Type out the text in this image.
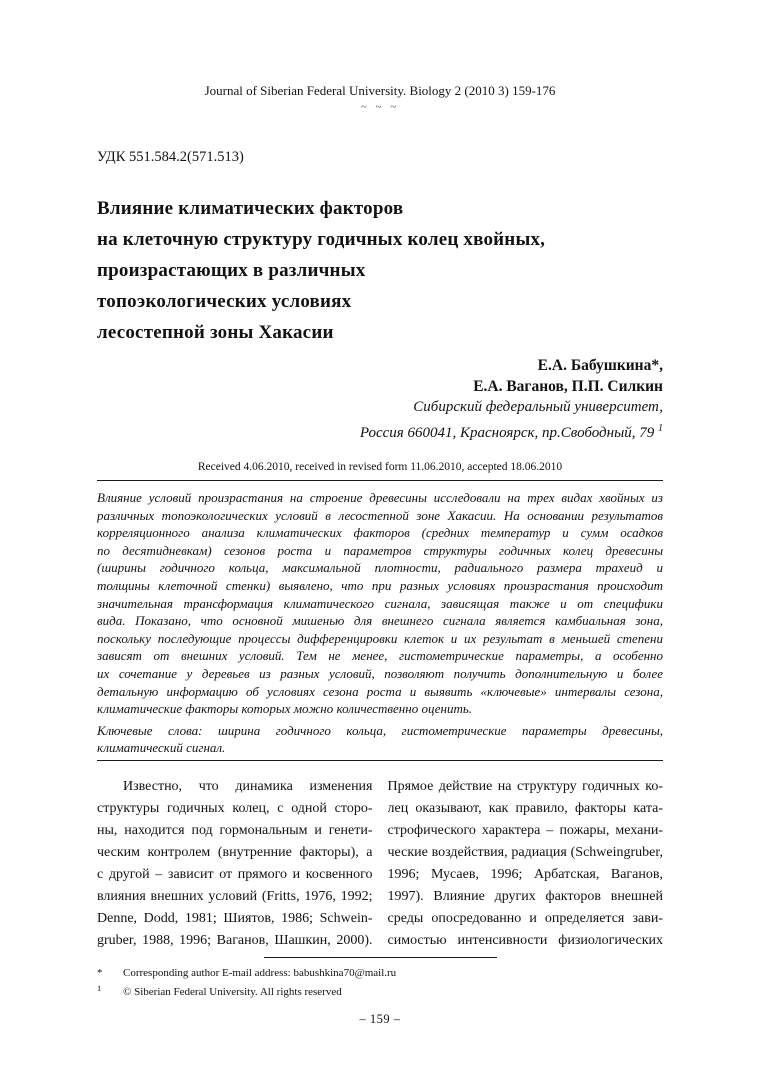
Journal of Siberian Federal University. Biology 2 (2010 3) 159-176
~ ~ ~
УДК 551.584.2(571.513)
Влияние климатических факторов
на клеточную структуру годичных колец хвойных,
произрастающих в различных
топоэкологических условиях
лесостепной зоны Хакасии
Е.А. Бабушкина*,
Е.А. Ваганов, П.П. Силкин
Сибирский федеральный университет,
Россия 660041, Красноярск, пр.Свободный, 79 $^1$
Received 4.06.2010, received in revised form 11.06.2010, accepted 18.06.2010
Влияние условий произрастания на строение древесины исследовали на трех видах хвойных из
различных топоэкологических условий в лесостепной зоне Хакасии. На основании результатов
корреляционного анализа климатических факторов (средних температур и сумм осадков
по десятидневкам) сезонов роста и параметров структуры годичных колец древесины
(ширины годичного кольца, максимальной плотности, радиального размера трахеид и
толщины клеточной стенки) выявлено, что при разных условиях произрастания происходит
значительная трансформация климатического сигнала, зависящая также и от специфики
вида. Показано, что основной мишенью для внешнего сигнала является камбиальная зона,
поскольку последующие процессы дифференцировки клеток и их результат в меньшей степени
зависят от внешних условий. Тем не менее, гистометрические параметры, а особенно
их сочетание у деревьев из разных условий, позволяют получить дополнительную и более
детальную информацию об условиях сезона роста и выявить «ключевые» интервалы сезона,
климатические факторы которых можно количественно оценить.
Ключевые слова: ширина годичного кольца, гистометрические параметры древесины,
климатический сигнал.
Известно, что динамика изменения
структуры годичных колец, с одной сторо-
ны, находится под гормональным и генети-
ческим контролем (внутренние факторы), а
с другой – зависит от прямого и косвенного
влияния внешних условий (Fritts, 1976, 1992;
Denne, Dodd, 1981; Шиятов, 1986; Schwein-
gruber, 1988, 1996; Ваганов, Шашкин, 2000).
Прямое действие на структуру годичных ко-
лец оказывают, как правило, факторы ката-
строфического характера – пожары, механи-
ческие воздействия, радиация (Schweingruber,
1996; Мусаев, 1996; Арбатская, Ваганов,
1997). Влияние других факторов внешней
среды опосредованно и определяется зави-
симостью интенсивности физиологических
* Corresponding author E-mail address: babushkina70@mail.ru
1 © Siberian Federal University. All rights reserved
– 159 –
